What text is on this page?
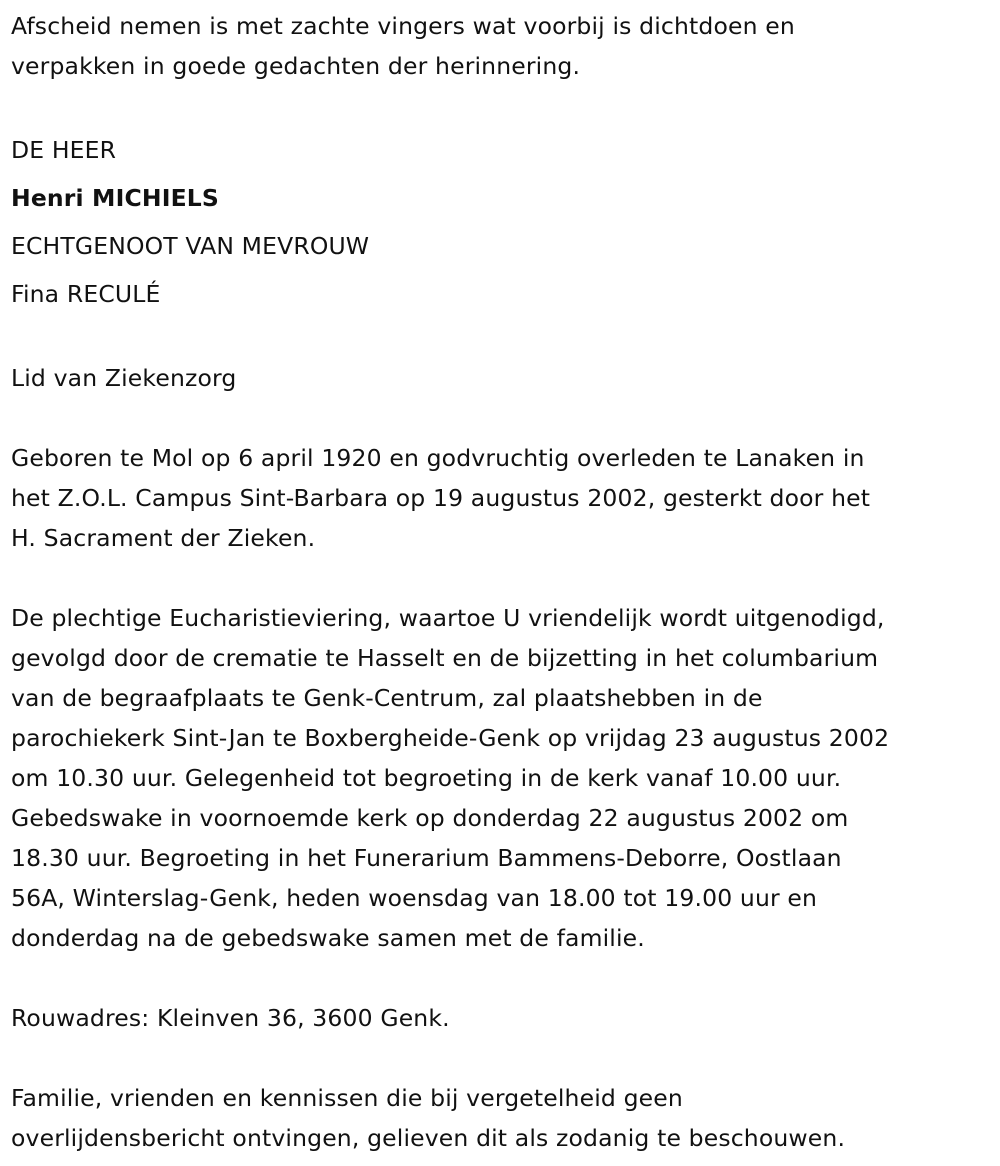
Afscheid nemen is met zachte vingers wat voorbij is dichtdoen en
verpakken in goede gedachten der herinnering.
DE HEER
Henri MICHIELS
ECHTGENOOT VAN MEVROUW
Fina RECULÉ
Lid van Ziekenzorg
Geboren te Mol op 6 april 1920 en godvruchtig overleden te Lanaken in
het Z.O.L. Campus Sint-Barbara op 19 augustus 2002, gesterkt door het
H. Sacrament der Zieken.
De plechtige Eucharistieviering, waartoe U vriendelijk wordt uitgenodigd,
gevolgd door de crematie te Hasselt en de bijzetting in het columbarium
van de begraafplaats te Genk-Centrum, zal plaatshebben in de
parochiekerk Sint-Jan te Boxbergheide-Genk op vrijdag 23 augustus 2002
om 10.30 uur. Gelegenheid tot begroeting in de kerk vanaf 10.00 uur.
Gebedswake in voornoemde kerk op donderdag 22 augustus 2002 om
18.30 uur. Begroeting in het Funerarium Bammens-Deborre, Oostlaan
56A, Winterslag-Genk, heden woensdag van 18.00 tot 19.00 uur en
donderdag na de gebedswake samen met de familie.
Rouwadres: Kleinven 36, 3600 Genk.
Familie, vrienden en kennissen die bij vergetelheid geen
overlijdensbericht ontvingen, gelieven dit als zodanig te beschouwen.
